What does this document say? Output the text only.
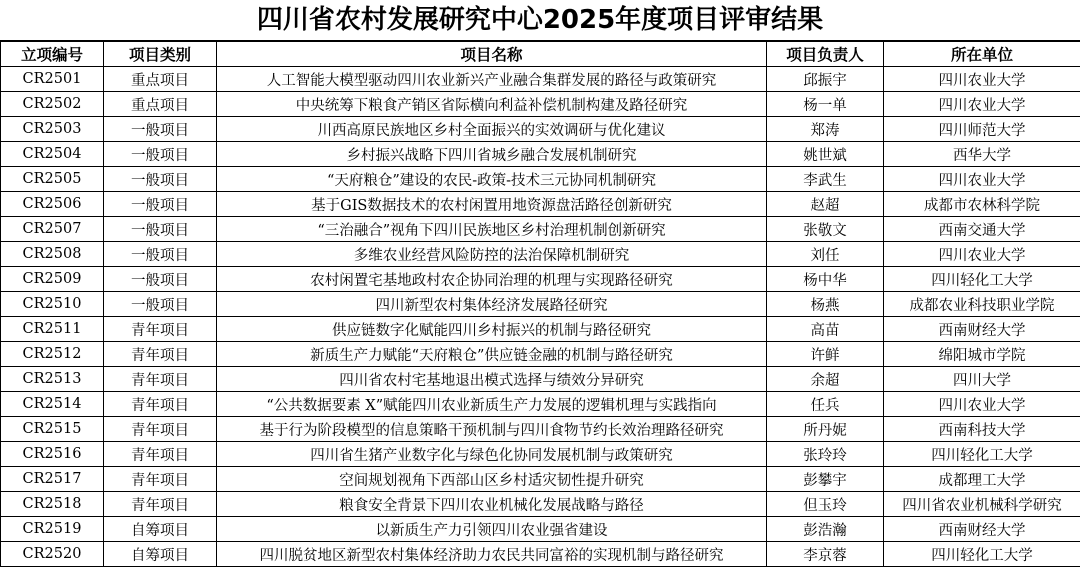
四川省农村发展研究中心2025年度项目评审结果
立项编号	项目类别	项目名称	项目负责人	所在单位
CR2501	重点项目	人工智能大模型驱动四川农业新兴产业融合集群发展的路径与政策研究	邱振宇	四川农业大学
CR2502	重点项目	中央统筹下粮食产销区省际横向利益补偿机制构建及路径研究	杨一单	四川农业大学
CR2503	一般项目	川西高原民族地区乡村全面振兴的实效调研与优化建议	郑涛	四川师范大学
CR2504	一般项目	乡村振兴战略下四川省城乡融合发展机制研究	姚世斌	西华大学
CR2505	一般项目	“天府粮仓”建设的农民-政策-技术三元协同机制研究	李武生	四川农业大学
CR2506	一般项目	基于GIS数据技术的农村闲置用地资源盘活路径创新研究	赵超	成都市农林科学院
CR2507	一般项目	“三治融合”视角下四川民族地区乡村治理机制创新研究	张敬文	西南交通大学
CR2508	一般项目	多维农业经营风险防控的法治保障机制研究	刘任	四川农业大学
CR2509	一般项目	农村闲置宅基地政村农企协同治理的机理与实现路径研究	杨中华	四川轻化工大学
CR2510	一般项目	四川新型农村集体经济发展路径研究	杨燕	成都农业科技职业学院
CR2511	青年项目	供应链数字化赋能四川乡村振兴的机制与路径研究	高苗	西南财经大学
CR2512	青年项目	新质生产力赋能“天府粮仓”供应链金融的机制与路径研究	许鲜	绵阳城市学院
CR2513	青年项目	四川省农村宅基地退出模式选择与绩效分异研究	余超	四川大学
CR2514	青年项目	“公共数据要素 X”赋能四川农业新质生产力发展的逻辑机理与实践指向	任兵	四川农业大学
CR2515	青年项目	基于行为阶段模型的信息策略干预机制与四川食物节约长效治理路径研究	所丹妮	西南科技大学
CR2516	青年项目	四川省生猪产业数字化与绿色化协同发展机制与政策研究	张玲玲	四川轻化工大学
CR2517	青年项目	空间规划视角下西部山区乡村适灾韧性提升研究	彭攀宇	成都理工大学
CR2518	青年项目	粮食安全背景下四川农业机械化发展战略与路径	但玉玲	四川省农业机械科学研究
CR2519	自筹项目	以新质生产力引领四川农业强省建设	彭浩瀚	西南财经大学
CR2520	自筹项目	四川脱贫地区新型农村集体经济助力农民共同富裕的实现机制与路径研究	李京蓉	四川轻化工大学
